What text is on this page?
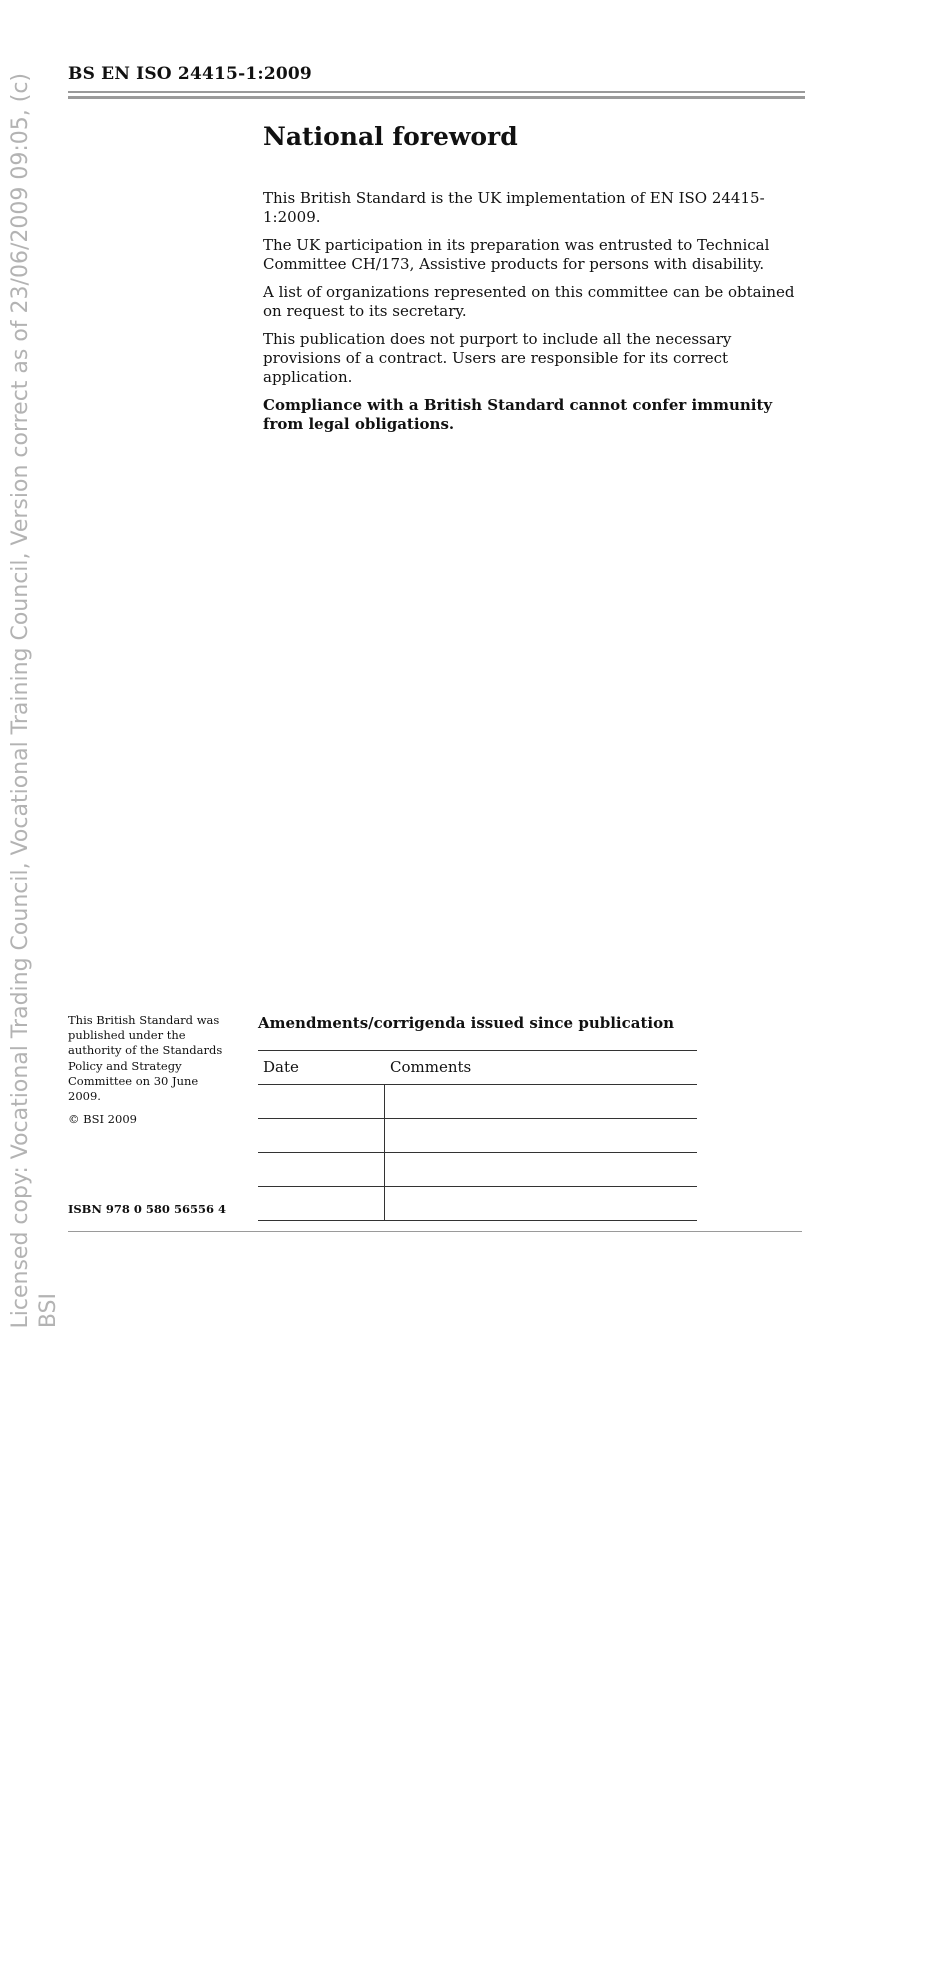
Licensed copy: Vocational Trading Council, Vocational Training Council, Version correct as of 23/06/2009 09:05, (c) BSI
BS EN ISO 24415-1:2009
National foreword

This British Standard is the UK implementation of EN ISO 24415-1:2009.

The UK participation in its preparation was entrusted to Technical Committee CH/173, Assistive products for persons with disability.

A list of organizations represented on this committee can be obtained on request to its secretary.

This publication does not purport to include all the necessary provisions of a contract. Users are responsible for its correct application.

Compliance with a British Standard cannot confer immunity from legal obligations.

This British Standard was published under the authority of the Standards Policy and Strategy Committee on 30 June 2009.

© BSI 2009

ISBN 978 0 580 56556 4
Amendments/corrigenda issued since publication
Date	Comments
